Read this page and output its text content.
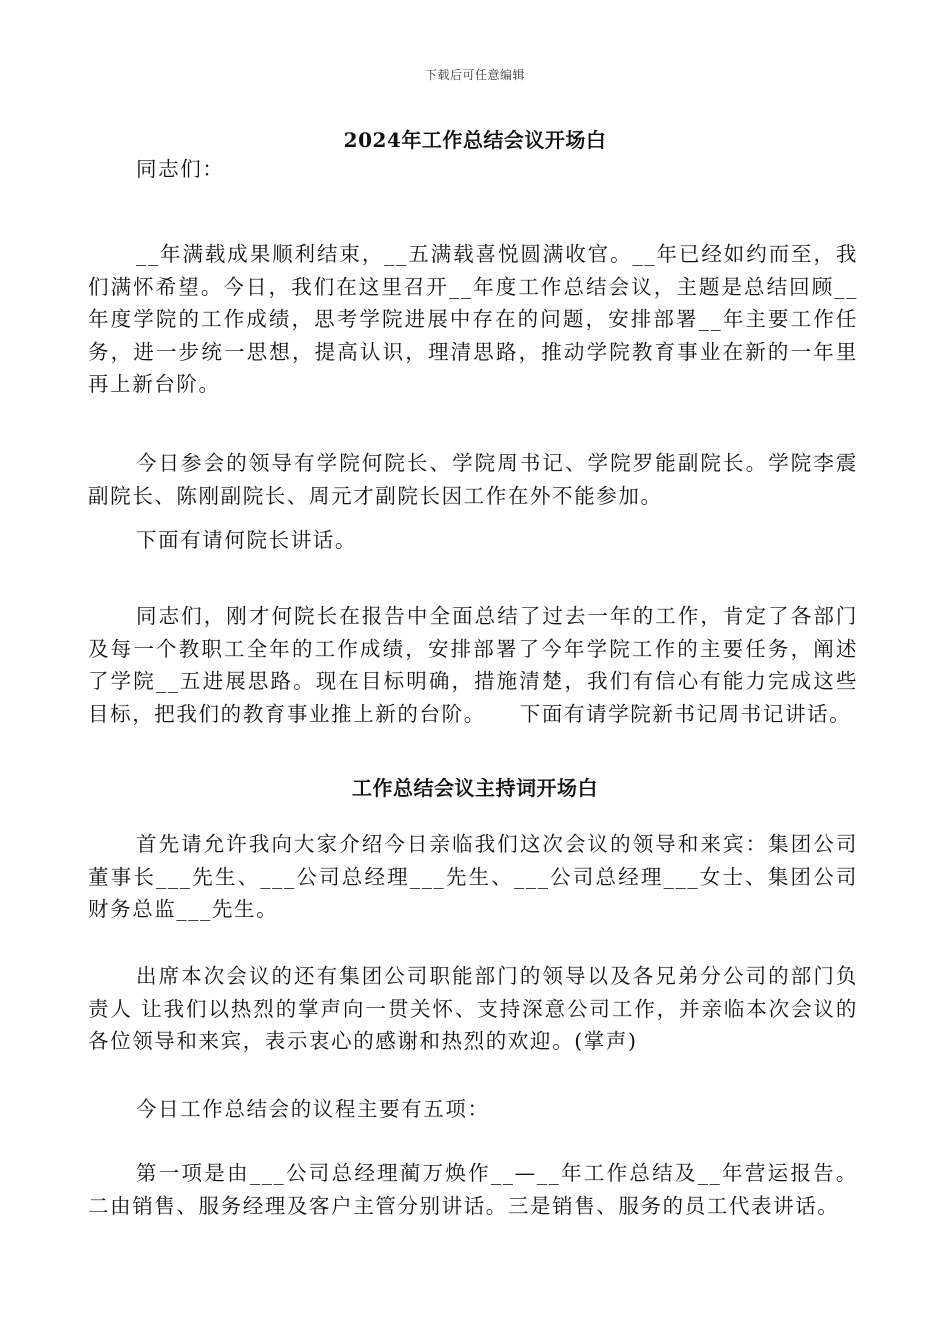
下载后可任意编辑
2024年工作总结会议开场白

同志们：

__年满载成果顺利结束，__五满载喜悦圆满收官。__年已经如约而至，我们满怀希望。今日，我们在这里召开__年度工作总结会议，主题是总结回顾__年度学院的工作成绩，思考学院进展中存在的问题，安排部署__年主要工作任务，进一步统一思想，提高认识，理清思路，推动学院教育事业在新的一年里再上新台阶。

今日参会的领导有学院何院长、学院周书记、学院罗能副院长。学院李震副院长、陈刚副院长、周元才副院长因工作在外不能参加。

下面有请何院长讲话。

同志们，刚才何院长在报告中全面总结了过去一年的工作，肯定了各部门及每一个教职工全年的工作成绩，安排部署了今年学院工作的主要任务，阐述了学院__五进展思路。现在目标明确，措施清楚，我们有信心有能力完成这些目标，把我们的教育事业推上新的台阶。　　下面有请学院新书记周书记讲话。

工作总结会议主持词开场白

首先请允许我向大家介绍今日亲临我们这次会议的领导和来宾：集团公司董事长___先生、___公司总经理___先生、___公司总经理___女士、集团公司财务总监___先生。

出席本次会议的还有集团公司职能部门的领导以及各兄弟分公司的部门负责人 让我们以热烈的掌声向一贯关怀、支持深意公司工作，并亲临本次会议的各位领导和来宾，表示衷心的感谢和热烈的欢迎。(掌声)

今日工作总结会的议程主要有五项：

第一项是由___公司总经理蔺万焕作__—__年工作总结及__年营运报告。二由销售、服务经理及客户主管分别讲话。三是销售、服务的员工代表讲话。
